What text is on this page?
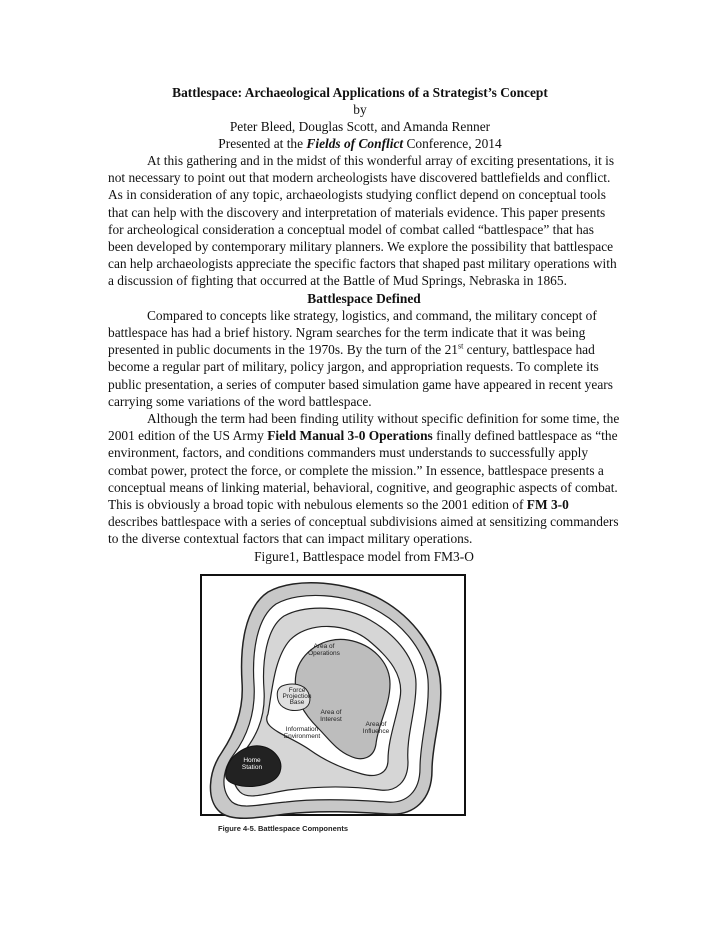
Battlespace: Archaeological Applications of a Strategist’s Concept
by
Peter Bleed, Douglas Scott, and Amanda Renner
Presented at the Fields of Conflict Conference, 2014

At this gathering and in the midst of this wonderful array of exciting presentations, it is not necessary to point out that modern archeologists have discovered battlefields and conflict. As in consideration of any topic, archaeologists studying conflict depend on conceptual tools that can help with the discovery and interpretation of materials evidence. This paper presents for archeological consideration a conceptual model of combat called “battlespace” that has been developed by contemporary military planners. We explore the possibility that battlespace can help archaeologists appreciate the specific factors that shaped past military operations with a discussion of fighting that occurred at the Battle of Mud Springs, Nebraska in 1865.

Battlespace Defined

Compared to concepts like strategy, logistics, and command, the military concept of battlespace has had a brief history. Ngram searches for the term indicate that it was being presented in public documents in the 1970s. By the turn of the 21st century, battlespace had become a regular part of military, policy jargon, and appropriation requests. To complete its public presentation, a series of computer based simulation game have appeared in recent years carrying some variations of the word battlespace.

Although the term had been finding utility without specific definition for some time, the 2001 edition of the US Army Field Manual 3-0 Operations finally defined battlespace as “the environment, factors, and conditions commanders must understands to successfully apply combat power, protect the force, or complete the mission.” In essence, battlespace presents a conceptual means of linking material, behavioral, cognitive, and geographic aspects of combat. This is obviously a broad topic with nebulous elements so the 2001 edition of FM 3-0 describes battlespace with a series of conceptual subdivisions aimed at sensitizing commanders to the diverse contextual factors that can impact military operations.

Figure1, Battlespace model from FM3-O

Area of
Operations
Force
Projection
Base
Area of
Interest
Area of
Influence
Information
Environment
Home
Station
Figure 4-5. Battlespace Components
